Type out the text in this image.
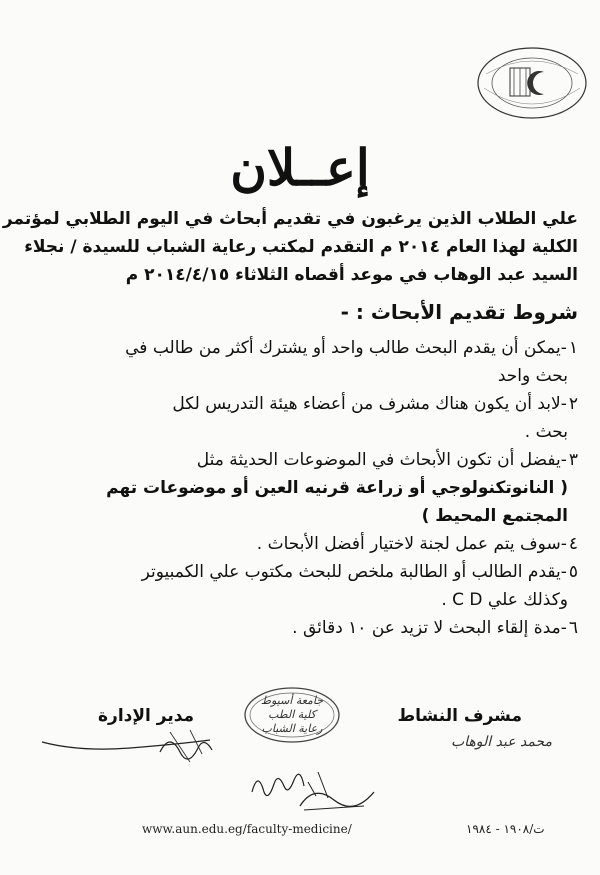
إعــلان
علي الطلاب الذين يرغبون في تقديم أبحاث في اليوم الطلابي لمؤتمر
الكلية لهذا العام ٢٠١٤ م التقدم لمكتب رعاية الشباب للسيدة / نجلاء
السيد عبد الوهاب في موعد أقصاه الثلاثاء ٢٠١٤/٤/١٥ م
شروط تقديم الأبحاث : -
١-يمكن أن يقدم البحث طالب واحد أو يشترك أكثر من طالب في
بحث واحد
٢-لابد أن يكون هناك مشرف من أعضاء هيئة التدريس لكل
بحث .
٣-يفضل أن تكون الأبحاث في الموضوعات الحديثة مثل
( النانوتكنولوجي أو زراعة قرنيه العين أو موضوعات تهم
المجتمع المحيط )
٤-سوف يتم عمل لجنة لاختيار أفضل الأبحاث .
٥-يقدم الطالب أو الطالبة ملخص للبحث مكتوب علي الكمبيوتر
وكذلك علي C D .
٦-مدة إلقاء البحث لا تزيد عن ١٠ دقائق .
مشرف النشاط
محمد عبد الوهاب
مدير الإدارة
جامعة أسيوط
كلية الطب
رعاية الشباب
www.aun.edu.eg/faculty-medicine/	ت/١٩٠٨ - ١٩٨٤
